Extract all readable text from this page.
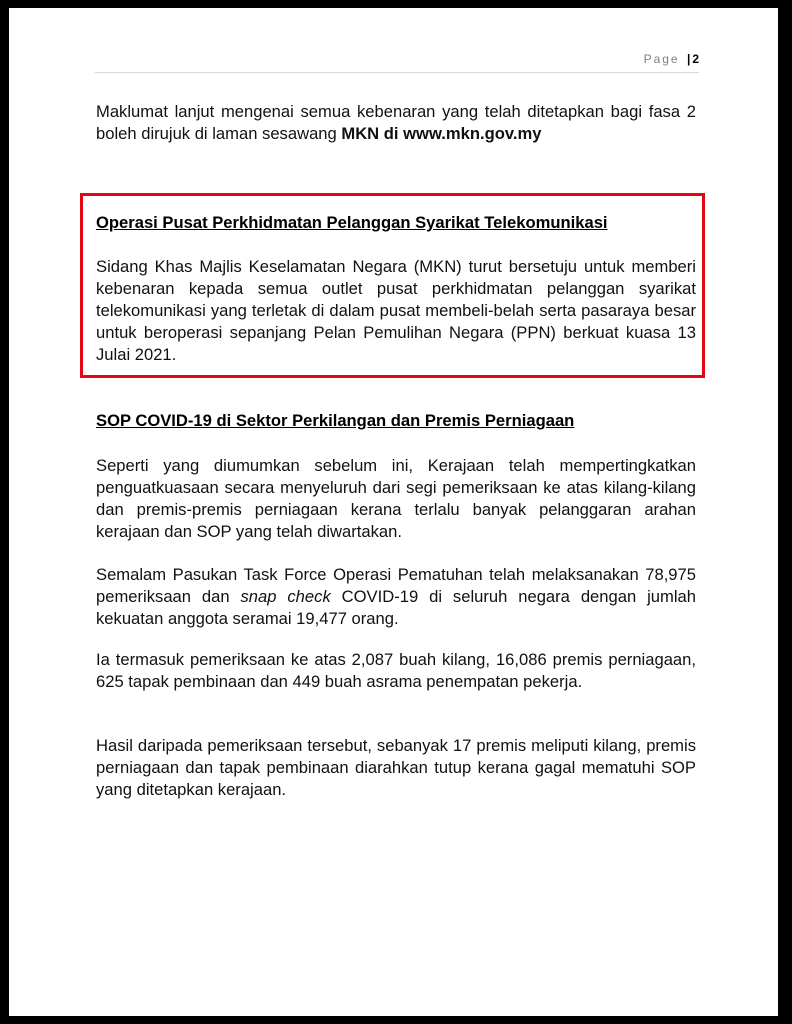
Page | 2

Maklumat lanjut mengenai semua kebenaran yang telah ditetapkan bagi fasa 2 boleh dirujuk di laman sesawang MKN di www.mkn.gov.my

Operasi Pusat Perkhidmatan Pelanggan Syarikat Telekomunikasi

Sidang Khas Majlis Keselamatan Negara (MKN) turut bersetuju untuk memberi kebenaran kepada semua outlet pusat perkhidmatan pelanggan syarikat telekomunikasi yang terletak di dalam pusat membeli-belah serta pasaraya besar untuk beroperasi sepanjang Pelan Pemulihan Negara (PPN) berkuat kuasa 13 Julai 2021.

SOP COVID-19 di Sektor Perkilangan dan Premis Perniagaan

Seperti yang diumumkan sebelum ini, Kerajaan telah mempertingkatkan penguatkuasaan secara menyeluruh dari segi pemeriksaan ke atas kilang-kilang dan premis-premis perniagaan kerana terlalu banyak pelanggaran arahan kerajaan dan SOP yang telah diwartakan.

Semalam Pasukan Task Force Operasi Pematuhan telah melaksanakan 78,975 pemeriksaan dan snap check COVID-19 di seluruh negara dengan jumlah kekuatan anggota seramai 19,477 orang.

Ia termasuk pemeriksaan ke atas 2,087 buah kilang, 16,086 premis perniagaan, 625 tapak pembinaan dan 449 buah asrama penempatan pekerja.

Hasil daripada pemeriksaan tersebut, sebanyak 17 premis meliputi kilang, premis perniagaan dan tapak pembinaan diarahkan tutup kerana gagal mematuhi SOP yang ditetapkan kerajaan.
